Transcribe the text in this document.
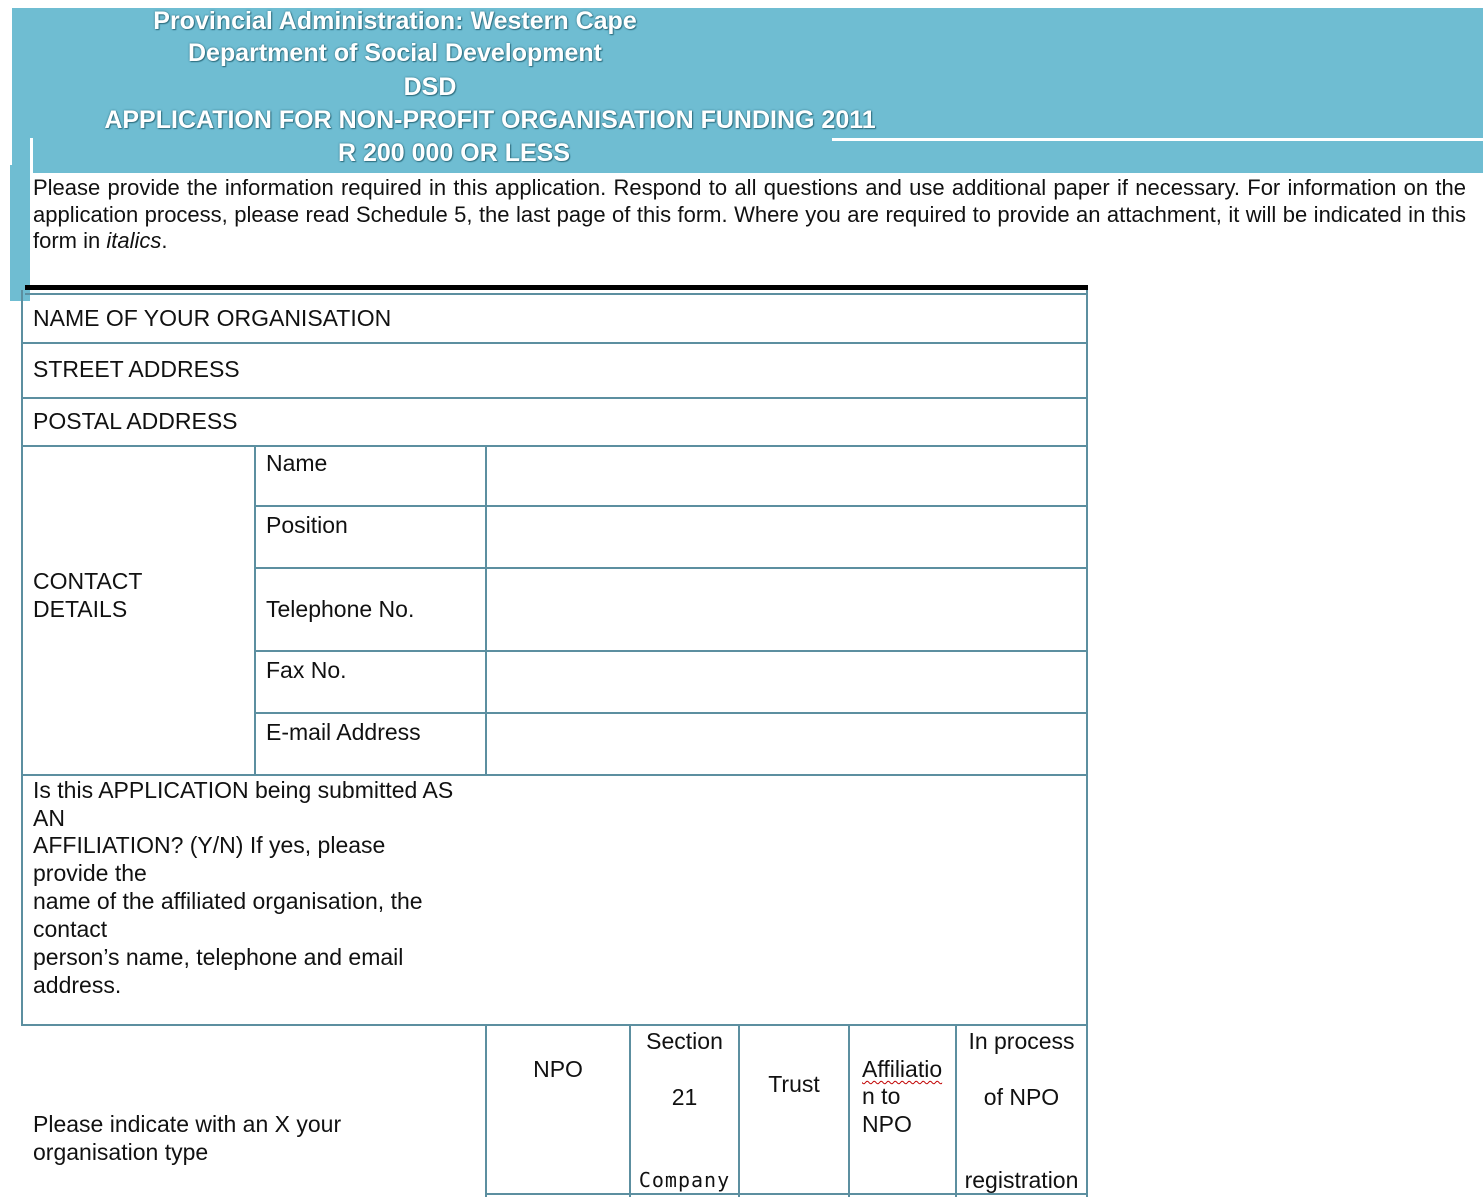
Provincial Administration: Western Cape
Department of Social Development
DSD
APPLICATION FOR NON-PROFIT ORGANISATION FUNDING 2011
R 200 000 OR LESS
Please provide the information required in this application. Respond to all questions and use additional paper if necessary. For information on the application process, please read Schedule 5, the last page of this form. Where you are required to provide an attachment, it will be indicated in this form in italics.
NAME OF YOUR ORGANISATION
STREET ADDRESS
POSTAL ADDRESS
CONTACT
DETAILS
Name
Position
Telephone No.
Fax No.
E-mail Address
Is this APPLICATION being submitted AS
AN
AFFILIATION? (Y/N) If yes, please
provide the
name of the affiliated organisation, the
contact
person’s name, telephone and email
address.
Please indicate with an X your
organisation type
NPO
Section
21
Company
Trust
Affiliatio
n to
NPO
In process
of NPO
registration
